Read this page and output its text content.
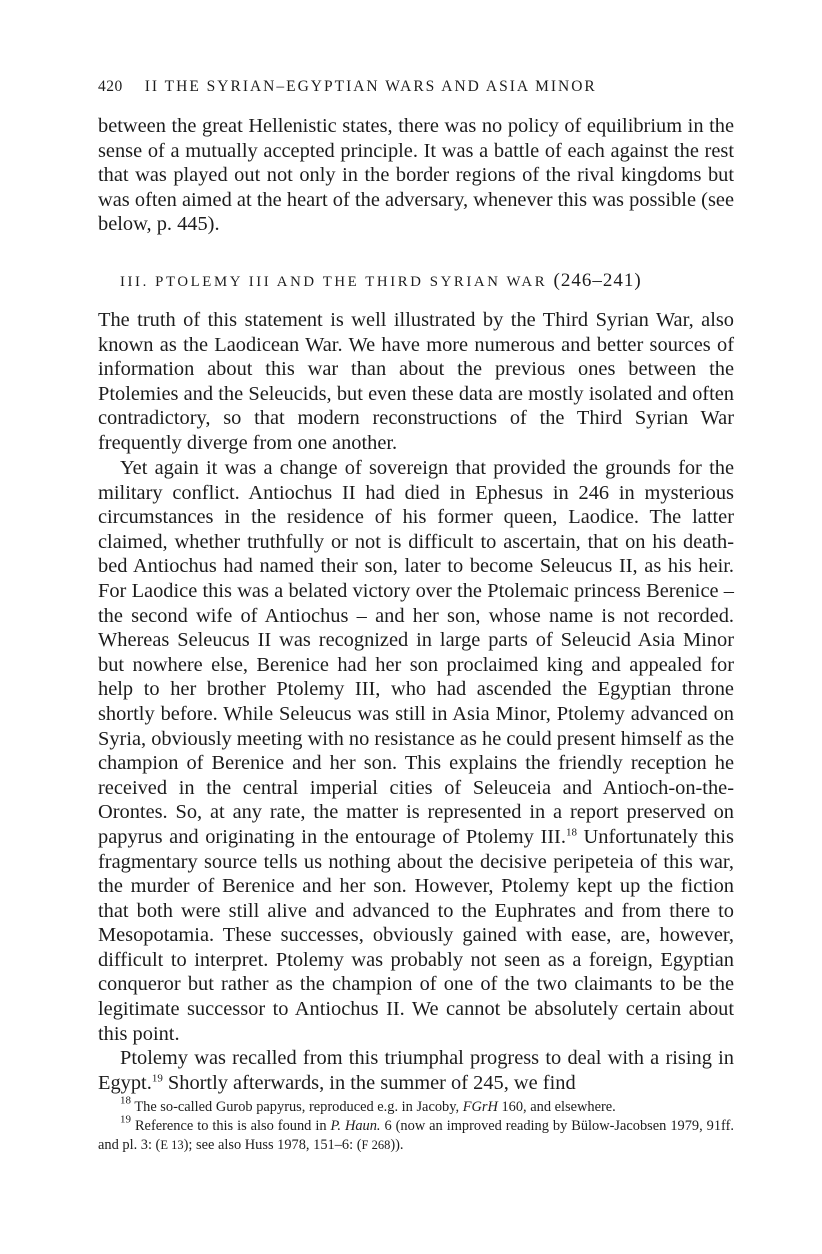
420 II THE SYRIAN–EGYPTIAN WARS AND ASIA MINOR

between the great Hellenistic states, there was no policy of equilibrium in the sense of a mutually accepted principle. It was a battle of each against the rest that was played out not only in the border regions of the rival kingdoms but was often aimed at the heart of the adversary, whenever this was possible (see below, p. 445).

III. PTOLEMY III AND THE THIRD SYRIAN WAR (246–241)

The truth of this statement is well illustrated by the Third Syrian War, also known as the Laodicean War. We have more numerous and better sources of information about this war than about the previous ones between the Ptolemies and the Seleucids, but even these data are mostly isolated and often contradictory, so that modern reconstructions of the Third Syrian War frequently diverge from one another.

Yet again it was a change of sovereign that provided the grounds for the military conflict. Antiochus II had died in Ephesus in 246 in mysterious circumstances in the residence of his former queen, Laodice. The latter claimed, whether truthfully or not is difficult to ascertain, that on his death-bed Antiochus had named their son, later to become Seleucus II, as his heir. For Laodice this was a belated victory over the Ptolemaic princess Berenice – the second wife of Antiochus – and her son, whose name is not recorded. Whereas Seleucus II was recognized in large parts of Seleucid Asia Minor but nowhere else, Berenice had her son proclaimed king and appealed for help to her brother Ptolemy III, who had ascended the Egyptian throne shortly before. While Seleucus was still in Asia Minor, Ptolemy advanced on Syria, obviously meeting with no resistance as he could present himself as the champion of Berenice and her son. This explains the friendly reception he received in the central imperial cities of Seleuceia and Antioch-on-the-Orontes. So, at any rate, the matter is represented in a report preserved on papyrus and originating in the entourage of Ptolemy III.$^{18}$ Unfortunately this fragmentary source tells us nothing about the decisive peripeteia of this war, the murder of Berenice and her son. However, Ptolemy kept up the fiction that both were still alive and advanced to the Euphrates and from there to Mesopotamia. These successes, obviously gained with ease, are, however, difficult to interpret. Ptolemy was probably not seen as a foreign, Egyptian conqueror but rather as the champion of one of the two claimants to be the legitimate successor to Antiochus II. We cannot be absolutely certain about this point.

Ptolemy was recalled from this triumphal progress to deal with a rising in Egypt.$^{19}$ Shortly afterwards, in the summer of 245, we find

$^{18}$ The so-called Gurob papyrus, reproduced e.g. in Jacoby, FGrH 160, and elsewhere.

$^{19}$ Reference to this is also found in P. Haun. 6 (now an improved reading by Bülow-Jacobsen 1979, 91ff. and pl. 3: (E 13); see also Huss 1978, 151–6: (F 268)).
